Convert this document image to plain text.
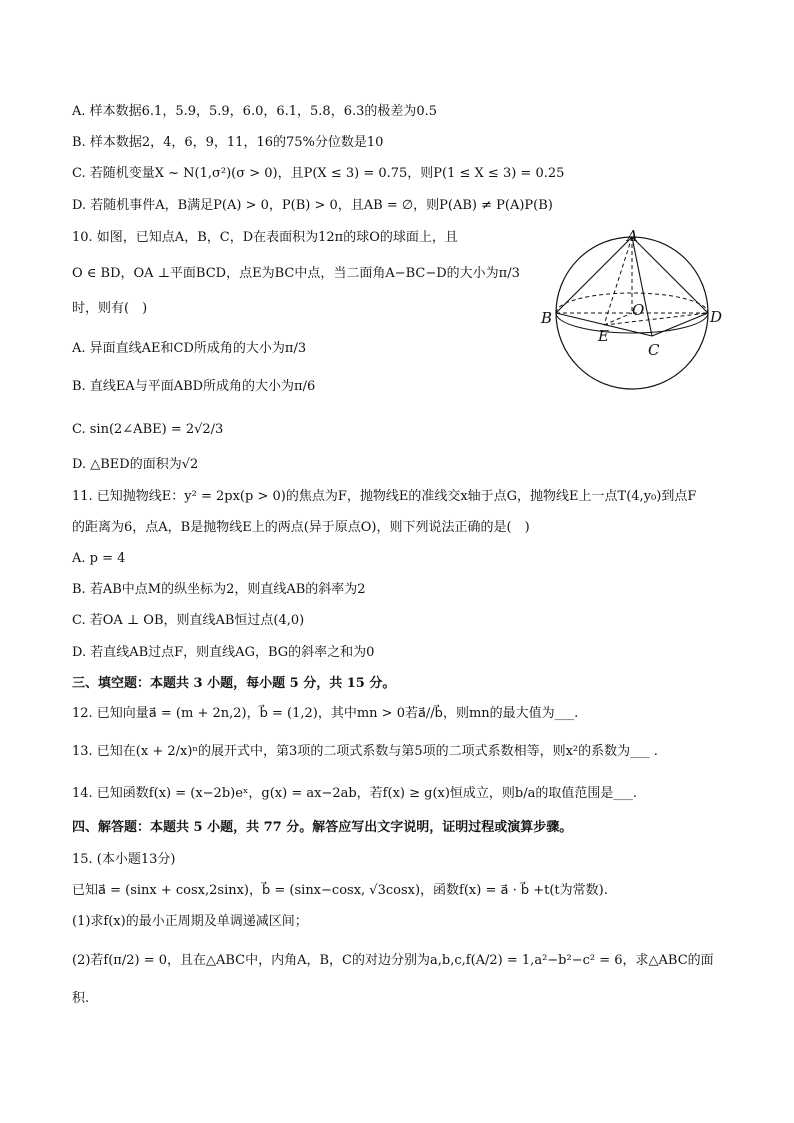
A. 样本数据6.1，5.9，5.9，6.0，6.1，5.8，6.3的极差为0.5
B. 样本数据2，4，6，9，11，16的75%分位数是10
C. 若随机变量X ~ N(1,σ²)(σ > 0)，且P(X ≤ 3) = 0.75，则P(1 ≤ X ≤ 3) = 0.25
D. 若随机事件A，B满足P(A) > 0，P(B) > 0，且AB = ∅，则P(AB) ≠ P(A)P(B)
10. 如图，已知点A，B，C，D在表面积为12π的球O的球面上，且
O ∈ BD，OA ⊥平面BCD，点E为BC中点，当二面角A−BC−D的大小为π/3
时，则有(　)
A. 异面直线AE和CD所成角的大小为π/3
B. 直线EA与平面ABD所成角的大小为π/6
C. sin(2∠ABE) = 2√2/3
D. △BED的面积为√2
11. 已知抛物线E：y² = 2px(p > 0)的焦点为F，抛物线E的准线交x轴于点G，抛物线E上一点T(4,y₀)到点F
的距离为6，点A，B是抛物线E上的两点(异于原点O)，则下列说法正确的是(　)
A. p = 4
B. 若AB中点M的纵坐标为2，则直线AB的斜率为2
C. 若OA ⊥ OB，则直线AB恒过点(4,0)
D. 若直线AB过点F，则直线AG，BG的斜率之和为0
三、填空题：本题共 3 小题，每小题 5 分，共 15 分。
12. 已知向量a⃗ = (m + 2n,2)，b⃗ = (1,2)，其中mn > 0若a⃗//b⃗，则mn的最大值为___.
13. 已知在(x + 2/x)ⁿ的展开式中，第3项的二项式系数与第5项的二项式系数相等，则x²的系数为___ .
14. 已知函数f(x) = (x−2b)eˣ，g(x) = ax−2ab，若f(x) ≥ g(x)恒成立，则b/a的取值范围是___.
四、解答题：本题共 5 小题，共 77 分。解答应写出文字说明，证明过程或演算步骤。
15. (本小题13分)
已知a⃗ = (sinx + cosx,2sinx)，b⃗ = (sinx−cosx, √3cosx)，函数f(x) = a⃗ · b⃗ +t(t为常数).
(1)求f(x)的最小正周期及单调递减区间；
(2)若f(π/2) = 0，且在△ABC中，内角A，B，C的对边分别为a,b,c,f(A/2) = 1,a²−b²−c² = 6，求△ABC的面
积.
A
B
C
D
O
E
